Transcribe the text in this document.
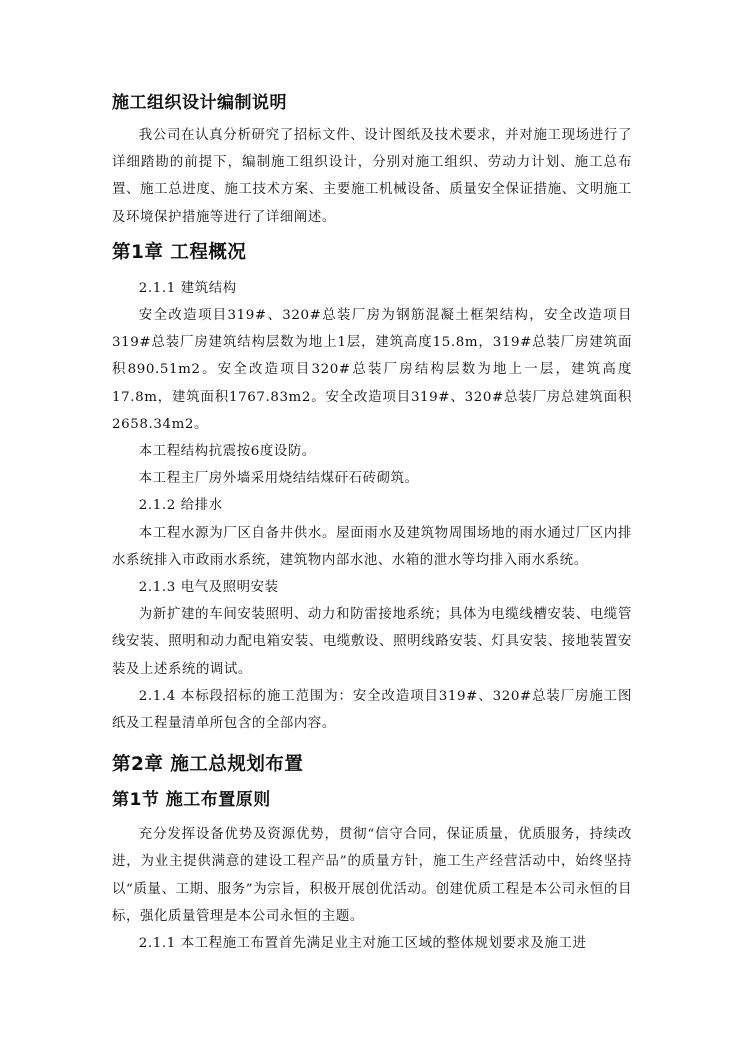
施工组织设计编制说明

我公司在认真分析研究了招标文件、设计图纸及技术要求，并对施工现场进行了详细踏勘的前提下，编制施工组织设计，分别对施工组织、劳动力计划、施工总布置、施工总进度、施工技术方案、主要施工机械设备、质量安全保证措施、文明施工及环境保护措施等进行了详细阐述。

第1章 工程概况

2.1.1 建筑结构

安全改造项目319#、320#总装厂房为钢筋混凝土框架结构，安全改造项目319#总装厂房建筑结构层数为地上1层，建筑高度15.8m，319#总装厂房建筑面积890.51m2。安全改造项目320#总装厂房结构层数为地上一层，建筑高度17.8m，建筑面积1767.83m2。安全改造项目319#、320#总装厂房总建筑面积2658.34m2。

本工程结构抗震按6度设防。

本工程主厂房外墙采用烧结结煤矸石砖砌筑。

2.1.2 给排水

本工程水源为厂区自备井供水。屋面雨水及建筑物周围场地的雨水通过厂区内排水系统排入市政雨水系统，建筑物内部水池、水箱的泄水等均排入雨水系统。

2.1.3 电气及照明安装

为新扩建的车间安装照明、动力和防雷接地系统；具体为电缆线槽安装、电缆管线安装、照明和动力配电箱安装、电缆敷设、照明线路安装、灯具安装、接地装置安装及上述系统的调试。

2.1.4 本标段招标的施工范围为：安全改造项目319#、320#总装厂房施工图纸及工程量清单所包含的全部内容。

第2章 施工总规划布置
第1节 施工布置原则

充分发挥设备优势及资源优势，贯彻“信守合同，保证质量，优质服务，持续改进，为业主提供满意的建设工程产品”的质量方针，施工生产经营活动中，始终坚持以“质量、工期、服务”为宗旨，积极开展创优活动。创建优质工程是本公司永恒的目标，强化质量管理是本公司永恒的主题。

2.1.1 本工程施工布置首先满足业主对施工区域的整体规划要求及施工进
